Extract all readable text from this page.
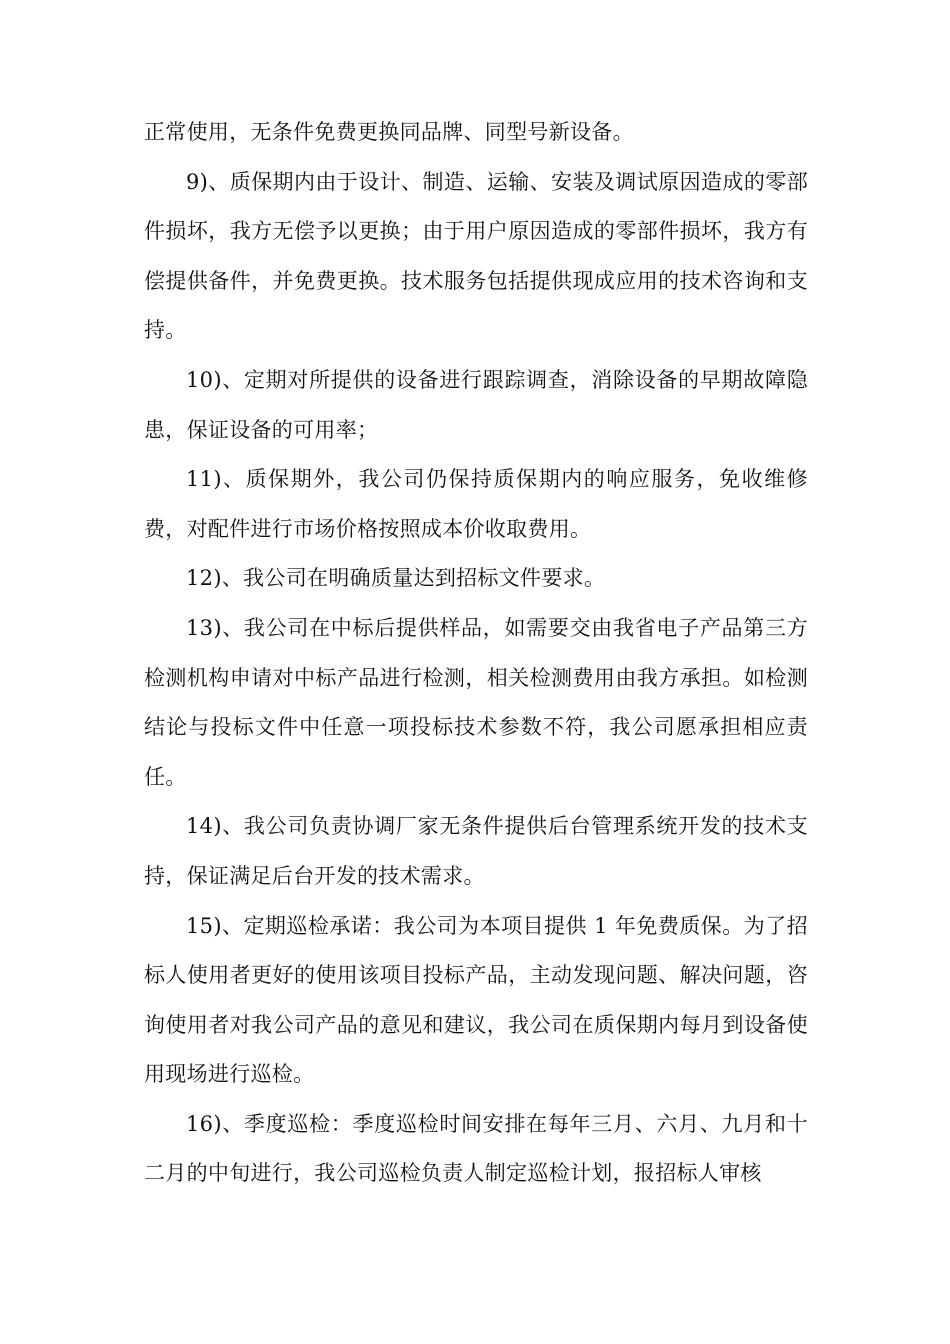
正常使用，无条件免费更换同品牌、同型号新设备。

9)、质保期内由于设计、制造、运输、安装及调试原因造成的零部件损坏，我方无偿予以更换；由于用户原因造成的零部件损坏，我方有偿提供备件，并免费更换。技术服务包括提供现成应用的技术咨询和支持。

10)、定期对所提供的设备进行跟踪调查，消除设备的早期故障隐患，保证设备的可用率；

11)、质保期外，我公司仍保持质保期内的响应服务，免收维修费，对配件进行市场价格按照成本价收取费用。

12)、我公司在明确质量达到招标文件要求。

13)、我公司在中标后提供样品，如需要交由我省电子产品第三方检测机构申请对中标产品进行检测，相关检测费用由我方承担。如检测结论与投标文件中任意一项投标技术参数不符，我公司愿承担相应责任。

14)、我公司负责协调厂家无条件提供后台管理系统开发的技术支持，保证满足后台开发的技术需求。

15)、定期巡检承诺：我公司为本项目提供 1 年免费质保。为了招标人使用者更好的使用该项目投标产品，主动发现问题、解决问题，咨询使用者对我公司产品的意见和建议，我公司在质保期内每月到设备使用现场进行巡检。

16)、季度巡检：季度巡检时间安排在每年三月、六月、九月和十二月的中旬进行，我公司巡检负责人制定巡检计划，报招标人审核
